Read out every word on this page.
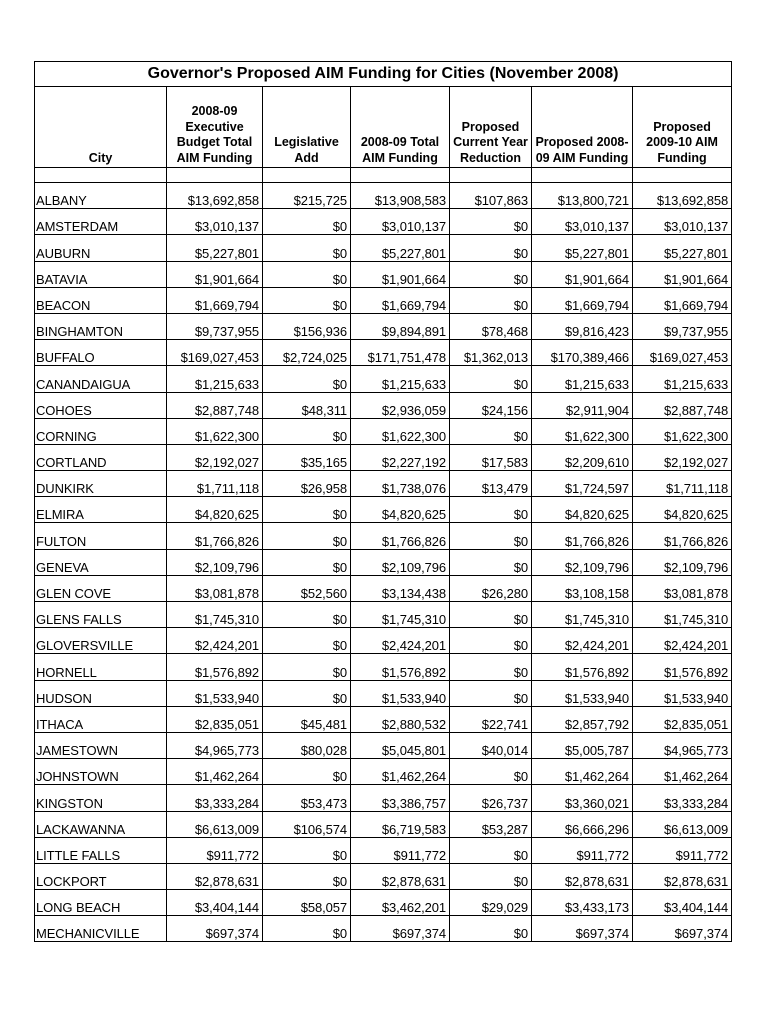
Governor's Proposed AIM Funding for Cities (November 2008)						
City	2008-09 Executive Budget Total AIM Funding	Legislative Add	2008-09 Total AIM Funding	Proposed Current Year Reduction	Proposed 2008-09 AIM Funding	Proposed 2009-10 AIM Funding

ALBANY	$13,692,858	$215,725	$13,908,583	$107,863	$13,800,721	$13,692,858
AMSTERDAM	$3,010,137	$0	$3,010,137	$0	$3,010,137	$3,010,137
AUBURN	$5,227,801	$0	$5,227,801	$0	$5,227,801	$5,227,801
BATAVIA	$1,901,664	$0	$1,901,664	$0	$1,901,664	$1,901,664
BEACON	$1,669,794	$0	$1,669,794	$0	$1,669,794	$1,669,794
BINGHAMTON	$9,737,955	$156,936	$9,894,891	$78,468	$9,816,423	$9,737,955
BUFFALO	$169,027,453	$2,724,025	$171,751,478	$1,362,013	$170,389,466	$169,027,453
CANANDAIGUA	$1,215,633	$0	$1,215,633	$0	$1,215,633	$1,215,633
COHOES	$2,887,748	$48,311	$2,936,059	$24,156	$2,911,904	$2,887,748
CORNING	$1,622,300	$0	$1,622,300	$0	$1,622,300	$1,622,300
CORTLAND	$2,192,027	$35,165	$2,227,192	$17,583	$2,209,610	$2,192,027
DUNKIRK	$1,711,118	$26,958	$1,738,076	$13,479	$1,724,597	$1,711,118
ELMIRA	$4,820,625	$0	$4,820,625	$0	$4,820,625	$4,820,625
FULTON	$1,766,826	$0	$1,766,826	$0	$1,766,826	$1,766,826
GENEVA	$2,109,796	$0	$2,109,796	$0	$2,109,796	$2,109,796
GLEN COVE	$3,081,878	$52,560	$3,134,438	$26,280	$3,108,158	$3,081,878
GLENS FALLS	$1,745,310	$0	$1,745,310	$0	$1,745,310	$1,745,310
GLOVERSVILLE	$2,424,201	$0	$2,424,201	$0	$2,424,201	$2,424,201
HORNELL	$1,576,892	$0	$1,576,892	$0	$1,576,892	$1,576,892
HUDSON	$1,533,940	$0	$1,533,940	$0	$1,533,940	$1,533,940
ITHACA	$2,835,051	$45,481	$2,880,532	$22,741	$2,857,792	$2,835,051
JAMESTOWN	$4,965,773	$80,028	$5,045,801	$40,014	$5,005,787	$4,965,773
JOHNSTOWN	$1,462,264	$0	$1,462,264	$0	$1,462,264	$1,462,264
KINGSTON	$3,333,284	$53,473	$3,386,757	$26,737	$3,360,021	$3,333,284
LACKAWANNA	$6,613,009	$106,574	$6,719,583	$53,287	$6,666,296	$6,613,009
LITTLE FALLS	$911,772	$0	$911,772	$0	$911,772	$911,772
LOCKPORT	$2,878,631	$0	$2,878,631	$0	$2,878,631	$2,878,631
LONG BEACH	$3,404,144	$58,057	$3,462,201	$29,029	$3,433,173	$3,404,144
MECHANICVILLE	$697,374	$0	$697,374	$0	$697,374	$697,374
